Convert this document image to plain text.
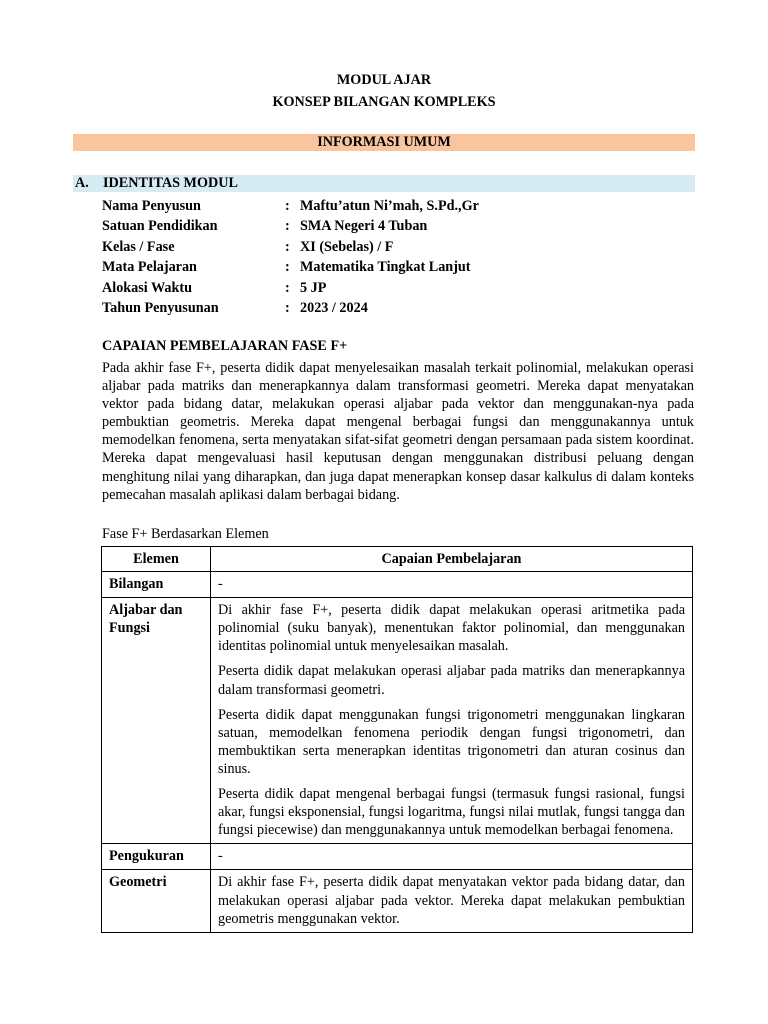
MODUL AJAR
KONSEP BILANGAN KOMPLEKS
INFORMASI UMUM
A. IDENTITAS MODUL
Nama Penyusun	: Maftu’atun Ni’mah, S.Pd.,Gr
Satuan Pendidikan	: SMA Negeri 4 Tuban
Kelas / Fase	: XI (Sebelas) / F
Mata Pelajaran	: Matematika Tingkat Lanjut
Alokasi Waktu	: 5 JP
Tahun Penyusunan	: 2023 / 2024
CAPAIAN PEMBELAJARAN FASE F+

Pada akhir fase F+, peserta didik dapat menyelesaikan masalah terkait polinomial, melakukan operasi aljabar pada matriks dan menerapkannya dalam transformasi geometri. Mereka dapat menyatakan vektor pada bidang datar, melakukan operasi aljabar pada vektor dan menggunakan-nya pada pembuktian geometris. Mereka dapat mengenal berbagai fungsi dan menggunakannya untuk memodelkan fenomena, serta menyatakan sifat-sifat geometri dengan persamaan pada sistem koordinat. Mereka dapat mengevaluasi hasil keputusan dengan menggunakan distribusi peluang dengan menghitung nilai yang diharapkan, dan juga dapat menerapkan konsep dasar kalkulus di dalam konteks pemecahan masalah aplikasi dalam berbagai bidang.

Fase F+ Berdasarkan Elemen
Elemen	Capaian Pembelajaran
Bilangan	-

Aljabar dan Fungsi	Di akhir fase F+, peserta didik dapat melakukan operasi aritmetika pada polinomial (suku banyak), menentukan faktor polinomial, dan menggunakan identitas polinomial untuk menyelesaikan masalah.

Peserta didik dapat melakukan operasi aljabar pada matriks dan menerapkannya dalam transformasi geometri.

Peserta didik dapat menggunakan fungsi trigonometri menggunakan lingkaran satuan, memodelkan fenomena periodik dengan fungsi trigonometri, dan membuktikan serta menerapkan identitas trigonometri dan aturan cosinus dan sinus.

Peserta didik dapat mengenal berbagai fungsi (termasuk fungsi rasional, fungsi akar, fungsi eksponensial, fungsi logaritma, fungsi nilai mutlak, fungsi tangga dan fungsi piecewise) dan menggunakannya untuk memodelkan berbagai fenomena.

Pengukuran	-

Geometri	Di akhir fase F+, peserta didik dapat menyatakan vektor pada bidang datar, dan melakukan operasi aljabar pada vektor. Mereka dapat melakukan pembuktian geometris menggunakan vektor.
